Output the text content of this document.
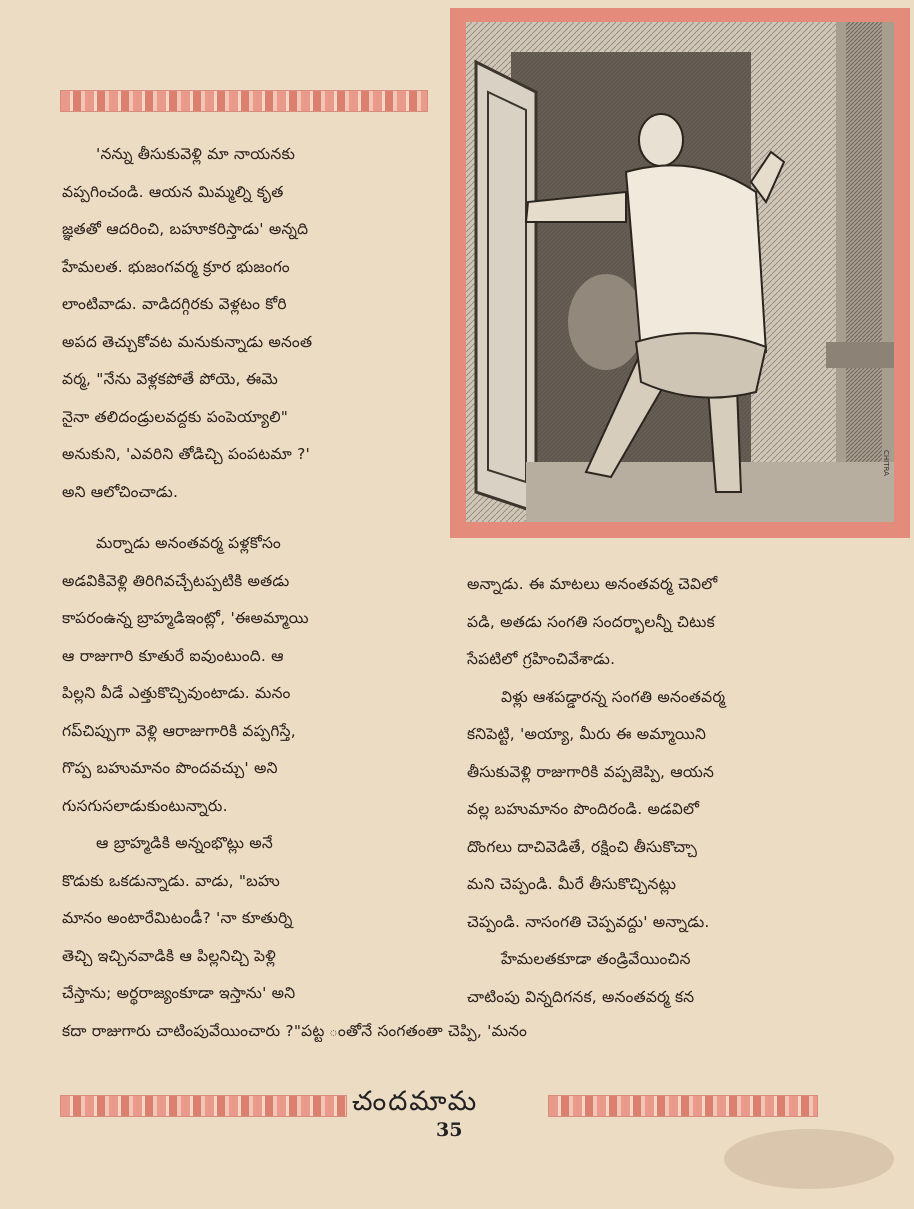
CHITRA

'నన్ను తీసుకువెళ్లి మా నాయనకు

వప్పగించండి. ఆయన మిమ్మల్ని కృత

జ్ఞతతో ఆదరించి, బహూకరిస్తాడు' అన్నది

హేమలత. భుజంగవర్మ క్రూర భుజంగం

లాంటివాడు. వాడిదగ్గిరకు వెళ్లటం కోరి

అపద తెచ్చుకోవట మనుకున్నాడు అనంత

వర్మ, "నేను వెళ్లకపోతే పోయె, ఈమె

నైనా తలిదండ్రులవద్దకు పంపెయ్యాలి"

అనుకుని, 'ఎవరిని తోడిచ్చి పంపటమా ?'

అని ఆలోచించాడు.

మర్నాడు అనంతవర్మ పళ్లకోసం

అడవికివెళ్లి తిరిగివచ్చేటప్పటికి అతడు

కాపరంఉన్న బ్రాహ్మడిఇంట్లో, 'ఈఅమ్మాయి

ఆ రాజుగారి కూతురే ఐవుంటుంది. ఆ

పిల్లని వీడే ఎత్తుకొచ్చివుంటాడు. మనం

గప్‌చిప్పుగా వెళ్లి ఆరాజుగారికి వప్పగిస్తే,

గొప్ప బహుమానం పొందవచ్చు' అని

గుసగుసలాడుకుంటున్నారు.

ఆ బ్రాహ్మడికి అన్నంభొట్లు అనే

కొడుకు ఒకడున్నాడు. వాడు, "బహు

మానం అంటారేమిటండీ? 'నా కూతుర్ని

తెచ్చి ఇచ్చినవాడికి ఆ పిల్లనిచ్చి పెళ్లి

చేస్తాను; అర్థరాజ్యంకూడా ఇస్తాను' అని

కదా రాజుగారు చాటింపువేయించారు ?"పట్ట ంతోనే సంగతంతా చెప్పి, 'మనం

అన్నాడు. ఈ మాటలు అనంతవర్మ చెవిలో

పడి, అతడు సంగతి సందర్భాలన్నీ చిటుక

సేపటిలో గ్రహించివేశాడు.

విళ్లు ఆశపడ్డారన్న సంగతి అనంతవర్మ

కనిపెట్టి, 'అయ్యా, మీరు ఈ అమ్మాయిని

తీసుకువెళ్లి రాజుగారికి వప్పజెప్పి, ఆయన

వల్ల బహుమానం పొందిరండి. అడవిలో

దొంగలు దాచివెడితే, రక్షించి తీసుకొచ్చా

మని చెప్పండి. మీరే తీసుకొచ్చినట్లు

చెప్పండి. నాసంగతి చెప్పవద్దు' అన్నాడు.

హేమలతకూడా తండ్రివేయించిన

చాటింపు విన్నదిగనక, అనంతవర్మ కన

చందమామ
35
